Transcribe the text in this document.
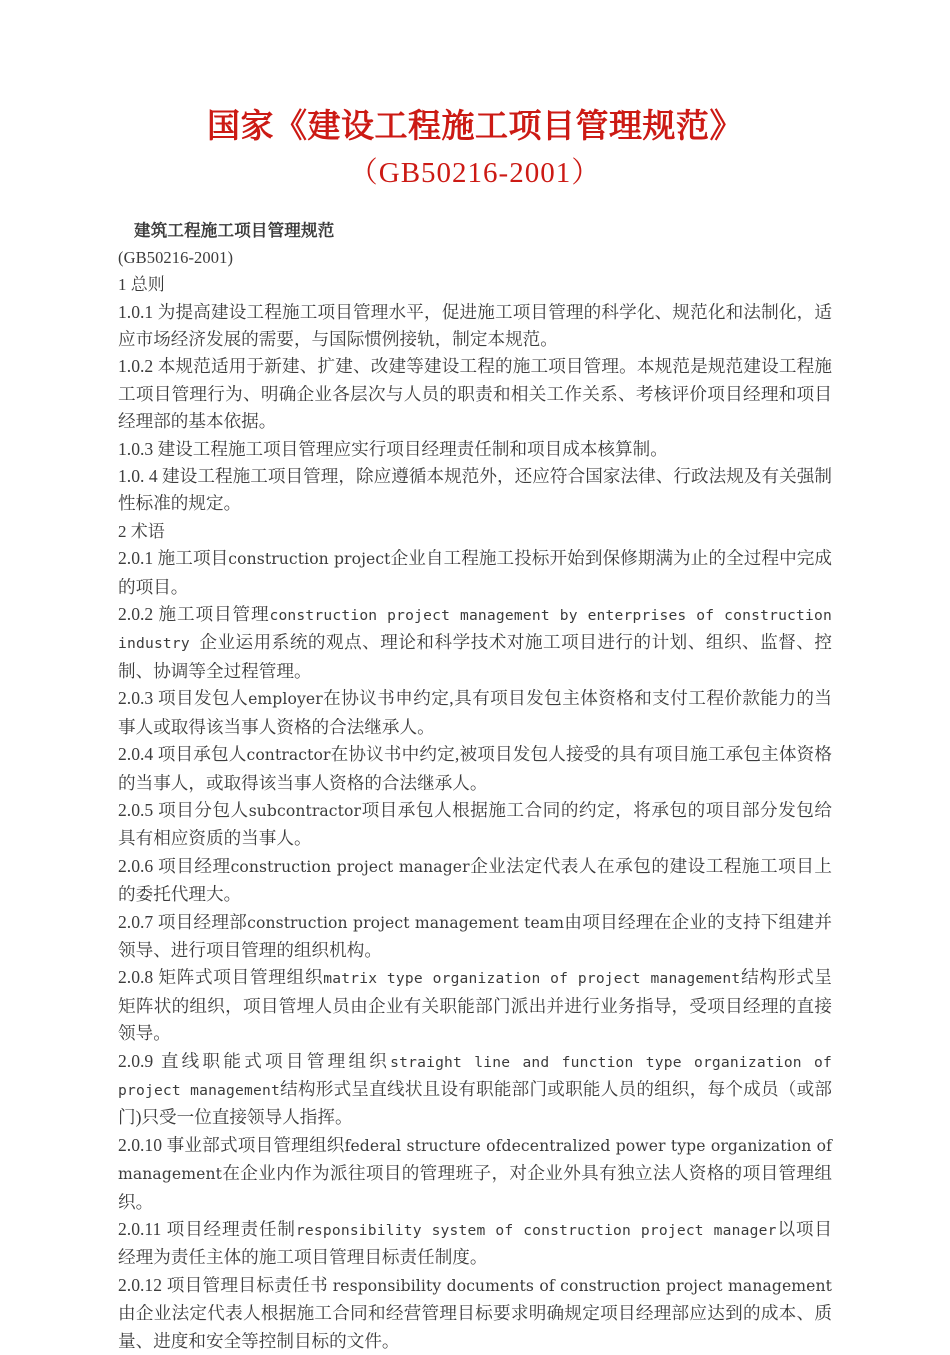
国家《建设工程施工项目管理规范》
（GB50216-2001）

建筑工程施工项目管理规范

(GB50216-2001)

1 总则

1.0.1 为提高建设工程施工项目管理水平，促进施工项目管理的科学化、规范化和法制化，适应市场经济发展的需要，与国际惯例接轨，制定本规范。

1.0.2 本规范适用于新建、扩建、改建等建设工程的施工项目管理。本规范是规范建设工程施工项目管理行为、明确企业各层次与人员的职责和相关工作关系、考核评价项目经理和项目经理部的基本依据。

1.0.3 建设工程施工项目管理应实行项目经理责任制和项目成本核算制。

1.0. 4 建设工程施工项目管理，除应遵循本规范外，还应符合国家法律、行政法规及有关强制性标准的规定。

2 术语

2.0.1 施工项目construction project企业自工程施工投标开始到保修期满为止的全过程中完成的项目。

2.0.2 施工项目管理construction project management by enterprises of construction industry 企业运用系统的观点、理论和科学技术对施工项目进行的计划、组织、监督、控制、协调等全过程管理。

2.0.3 项目发包人employer在协议书申约定,具有项目发包主体资格和支付工程价款能力的当事人或取得该当事人资格的合法继承人。

2.0.4 项目承包人contractor在协议书中约定,被项目发包人接受的具有项目施工承包主体资格的当事人，或取得该当事人资格的合法继承人。

2.0.5 项目分包人subcontractor项目承包人根据施工合同的约定，将承包的项目部分发包给具有相应资质的当事人。

2.0.6 项目经理construction project manager企业法定代表人在承包的建设工程施工项目上的委托代理大。

2.0.7 项目经理部construction project management team由项目经理在企业的支持下组建并领导、进行项目管理的组织机构。

2.0.8 矩阵式项目管理组织matrix type organization of project management结构形式呈矩阵状的组织，项目管埋人员由企业有关职能部门派出并进行业务指导，受项目经理的直接领导。

2.0.9 直线职能式项目管理组织straight line and function type organization of project management结构形式呈直线状且设有职能部门或职能人员的组织，每个成员（或部门)只受一位直接领导人指挥。

2.0.10 事业部式项目管理组织federal structure ofdecentralized power type organization of management在企业内作为派往项目的管理班子，对企业外具有独立法人资格的项目管理组织。

2.0.11 项目经理责任制responsibility system of construction project manager以项目经理为责任主体的施工项目管理目标责任制度。

2.0.12 项目管理目标责任书 responsibility documents of construction project management由企业法定代表人根据施工合同和经营管理目标要求明确规定项目经理部应达到的成本、质量、进度和安全等控制目标的文件。
